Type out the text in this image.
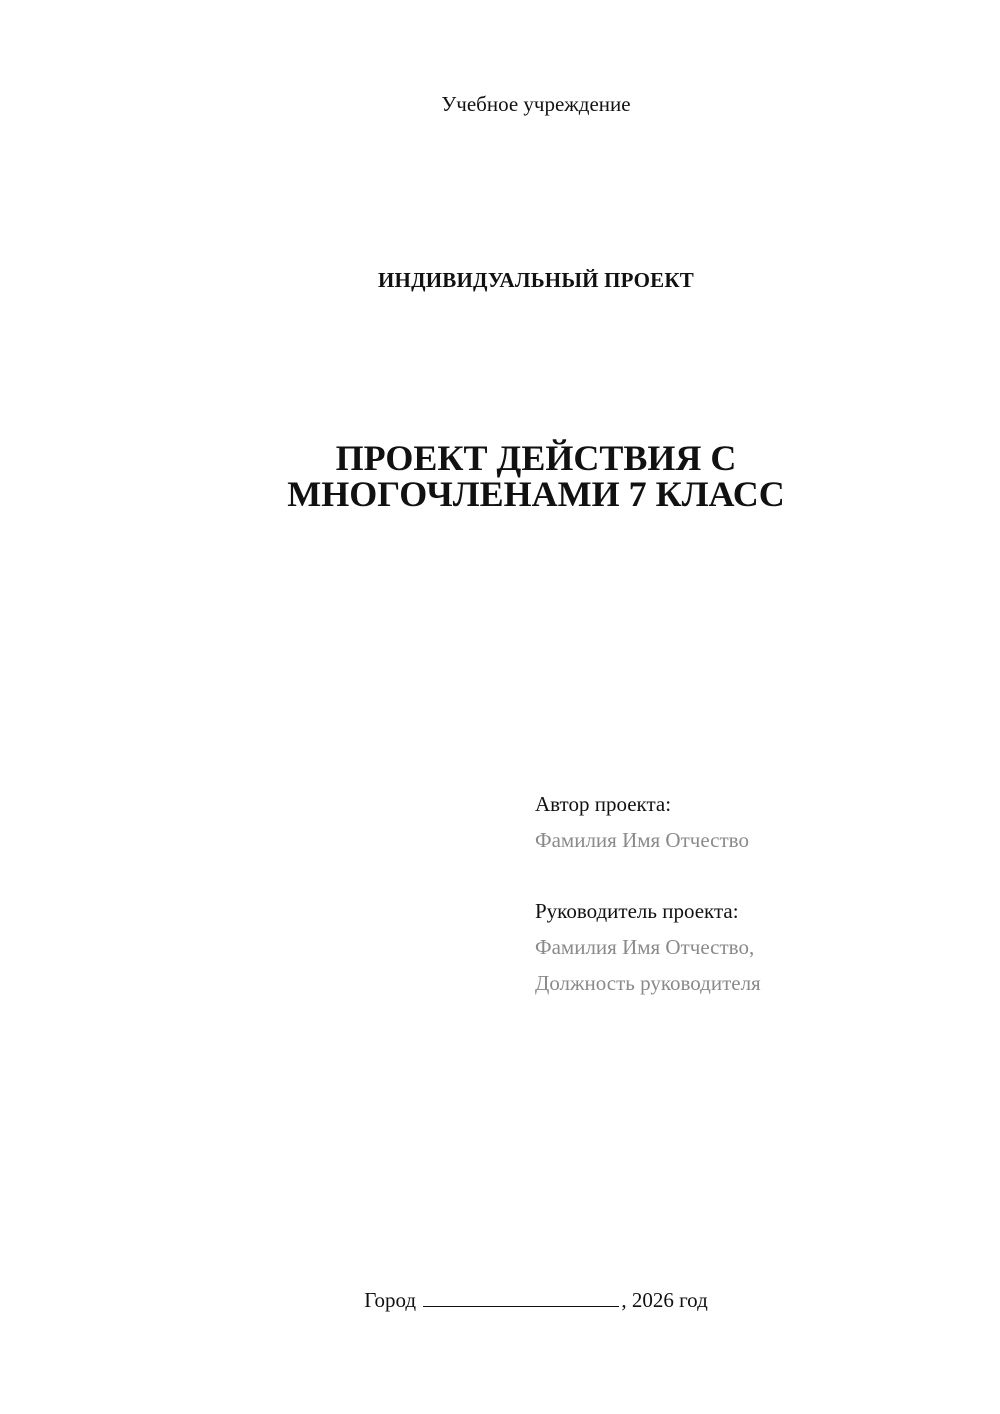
Учебное учреждение
ИНДИВИДУАЛЬНЫЙ ПРОЕКТ
ПРОЕКТ ДЕЙСТВИЯ С
МНОГОЧЛЕНАМИ 7 КЛАСС
Автор проекта:
Фамилия Имя Отчество
Руководитель проекта:
Фамилия Имя Отчество,
Должность руководителя
Город	, 2026 год
